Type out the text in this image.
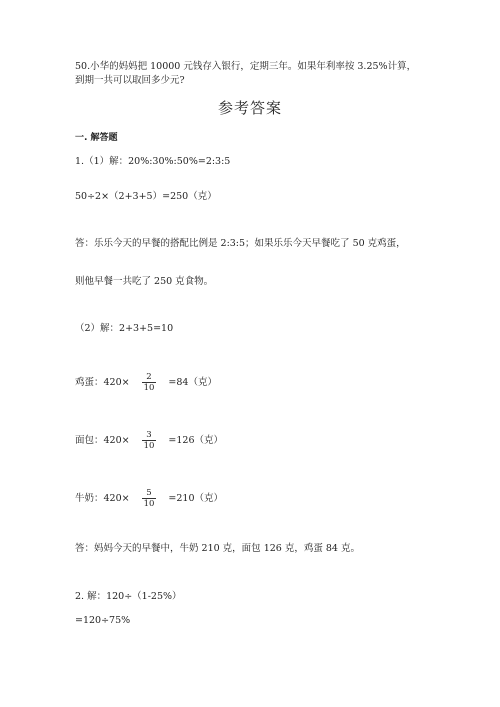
50.小华的妈妈把 10000 元钱存入银行，定期三年。如果年利率按 3.25%计算，
到期一共可以取回多少元?
参考答案
一. 解答题
1.（1）解：20%:30%:50%=2:3:5
50÷2×（2+3+5）=250（克）
答：乐乐今天的早餐的搭配比例是 2:3:5；如果乐乐今天早餐吃了 50 克鸡蛋，
则他早餐一共吃了 250 克食物。
（2）解：2+3+5=10
鸡蛋：$420\times \frac{2}{10} =84$（克）
面包：$420\times \frac{3}{10} =126$（克）
牛奶：$420\times \frac{5}{10} =210$（克）
答：妈妈今天的早餐中，牛奶 210 克，面包 126 克，鸡蛋 84 克。
2. 解：120÷（1-25%）
=120÷75%
